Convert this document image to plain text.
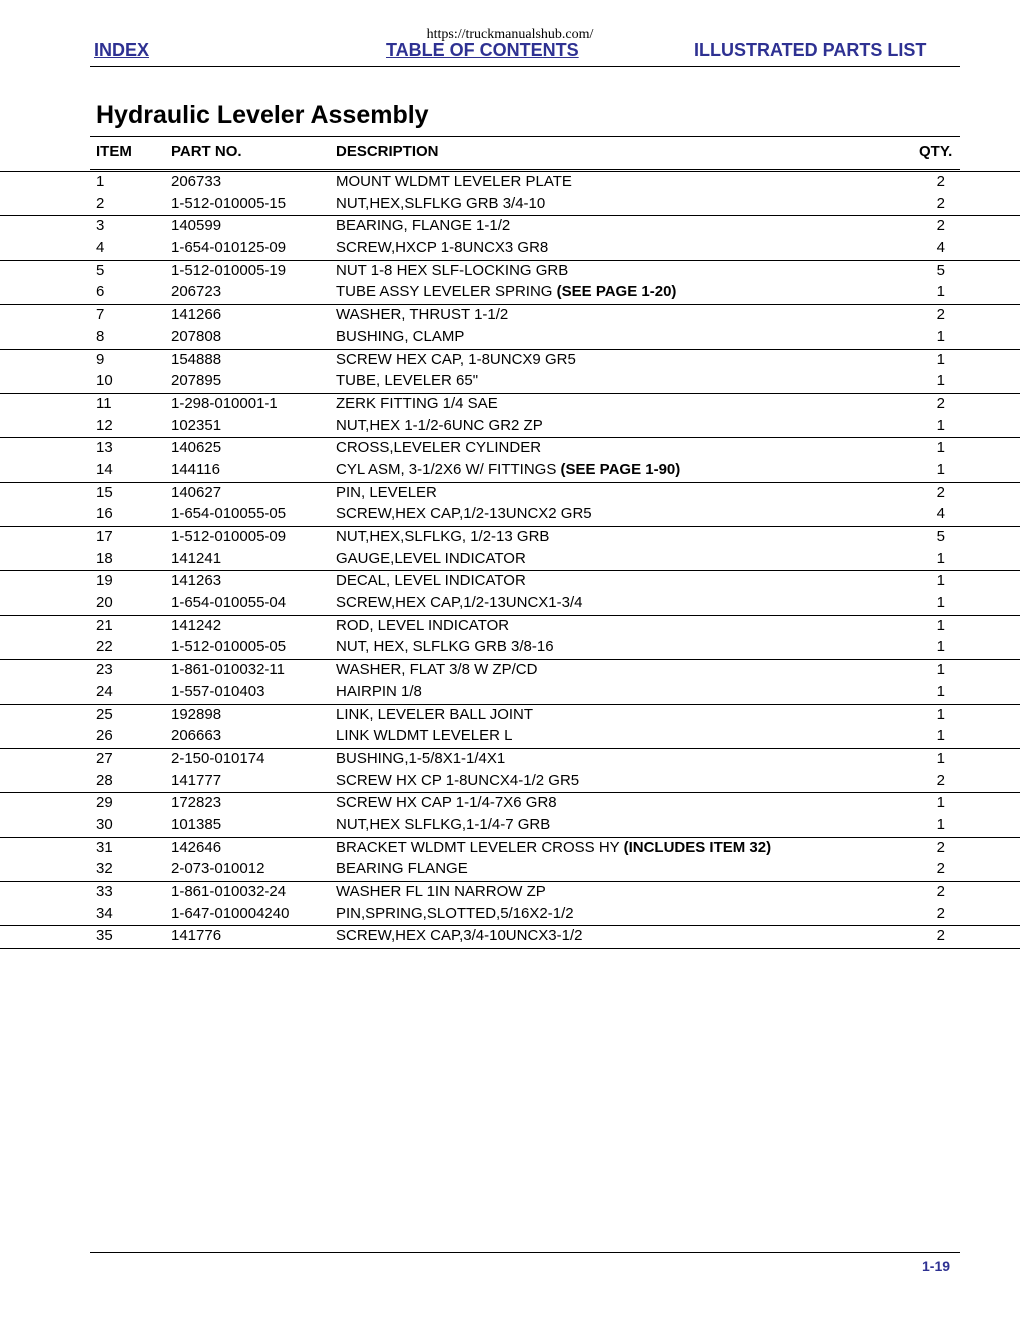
https://truckmanualshub.com/
INDEX	TABLE OF CONTENTS	ILLUSTRATED PARTS LIST
Hydraulic Leveler Assembly
ITEM	PART NO.	DESCRIPTION	QTY.
1	206733	MOUNT WLDMT LEVELER PLATE	2
2	1-512-010005-15	NUT,HEX,SLFLKG GRB 3/4-10	2
3	140599	BEARING, FLANGE 1-1/2	2
4	1-654-010125-09	SCREW,HXCP 1-8UNCX3 GR8	4
5	1-512-010005-19	NUT 1-8 HEX SLF-LOCKING GRB	5
6	206723	TUBE ASSY LEVELER SPRING (SEE PAGE 1-20)	1
7	141266	WASHER, THRUST 1-1/2	2
8	207808	BUSHING, CLAMP	1
9	154888	SCREW HEX CAP, 1-8UNCX9 GR5	1
10	207895	TUBE, LEVELER 65"	1
11	1-298-010001-1	ZERK FITTING 1/4 SAE	2
12	102351	NUT,HEX 1-1/2-6UNC GR2 ZP	1
13	140625	CROSS,LEVELER CYLINDER	1
14	144116	CYL ASM, 3-1/2X6 W/ FITTINGS (SEE PAGE 1-90)	1
15	140627	PIN, LEVELER	2
16	1-654-010055-05	SCREW,HEX CAP,1/2-13UNCX2 GR5	4
17	1-512-010005-09	NUT,HEX,SLFLKG, 1/2-13 GRB	5
18	141241	GAUGE,LEVEL INDICATOR	1
19	141263	DECAL, LEVEL INDICATOR	1
20	1-654-010055-04	SCREW,HEX CAP,1/2-13UNCX1-3/4	1
21	141242	ROD, LEVEL INDICATOR	1
22	1-512-010005-05	NUT, HEX, SLFLKG GRB 3/8-16	1
23	1-861-010032-11	WASHER, FLAT 3/8 W ZP/CD	1
24	1-557-010403	HAIRPIN 1/8	1
25	192898	LINK, LEVELER BALL JOINT	1
26	206663	LINK WLDMT LEVELER L	1
27	2-150-010174	BUSHING,1-5/8X1-1/4X1	1
28	141777	SCREW HX CP 1-8UNCX4-1/2 GR5	2
29	172823	SCREW HX CAP 1-1/4-7X6 GR8	1
30	101385	NUT,HEX SLFLKG,1-1/4-7 GRB	1
31	142646	BRACKET WLDMT LEVELER CROSS HY (INCLUDES ITEM 32)	2
32	2-073-010012	BEARING FLANGE	2
33	1-861-010032-24	WASHER FL 1IN NARROW ZP	2
34	1-647-010004240	PIN,SPRING,SLOTTED,5/16X2-1/2	2
35	141776	SCREW,HEX CAP,3/4-10UNCX3-1/2	2
1-19
